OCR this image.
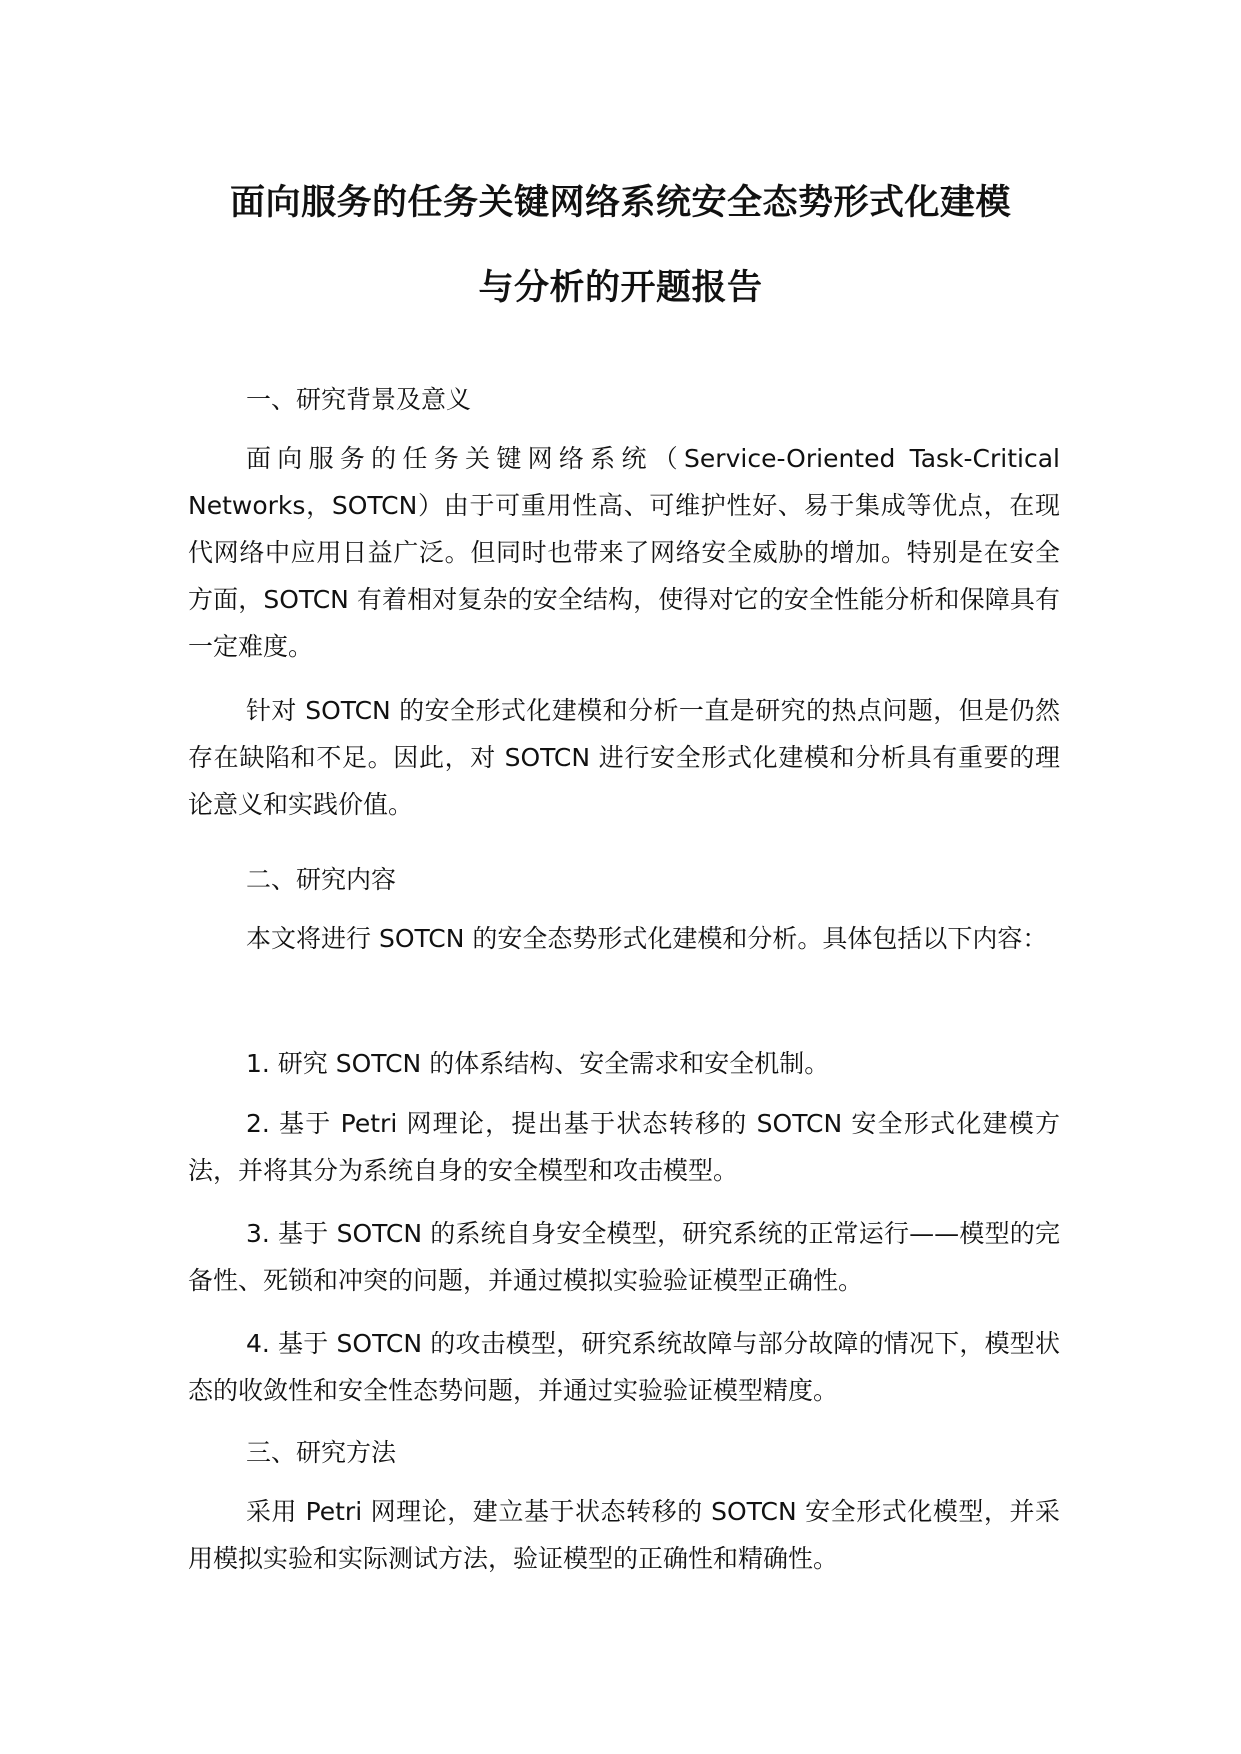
面向服务的任务关键网络系统安全态势形式化建模
与分析的开题报告
一、研究背景及意义
面向服务的任务关键网络系统（Service-Oriented Task-Critical Networks，SOTCN）由于可重用性高、可维护性好、易于集成等优点，在现代网络中应用日益广泛。但同时也带来了网络安全威胁的增加。特别是在安全方面，SOTCN 有着相对复杂的安全结构，使得对它的安全性能分析和保障具有一定难度。
针对 SOTCN 的安全形式化建模和分析一直是研究的热点问题，但是仍然存在缺陷和不足。因此，对 SOTCN 进行安全形式化建模和分析具有重要的理论意义和实践价值。
二、研究内容
本文将进行 SOTCN 的安全态势形式化建模和分析。具体包括以下内容：
1. 研究 SOTCN 的体系结构、安全需求和安全机制。
2. 基于 Petri 网理论，提出基于状态转移的 SOTCN 安全形式化建模方法，并将其分为系统自身的安全模型和攻击模型。
3. 基于 SOTCN 的系统自身安全模型，研究系统的正常运行——模型的完备性、死锁和冲突的问题，并通过模拟实验验证模型正确性。
4. 基于 SOTCN 的攻击模型，研究系统故障与部分故障的情况下，模型状态的收敛性和安全性态势问题，并通过实验验证模型精度。
三、研究方法
采用 Petri 网理论，建立基于状态转移的 SOTCN 安全形式化模型，并采用模拟实验和实际测试方法，验证模型的正确性和精确性。
